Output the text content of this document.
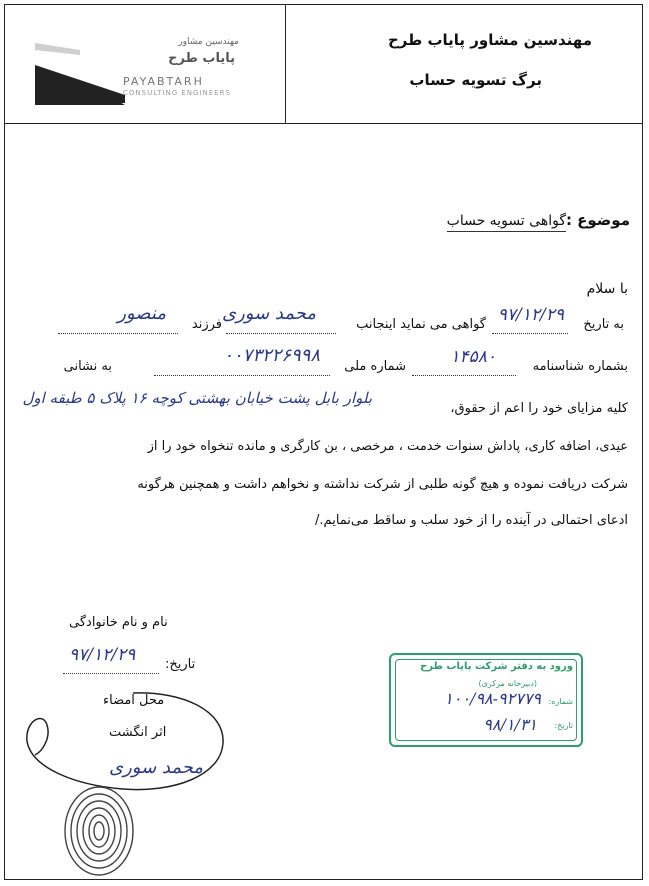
مهندسین مشاور
پایاب طرح
PAYABTARH
CONSULTING ENGINEERS
مهندسین مشاور پایاب طرح
برگ تسویه حساب
موضوع :
گواهی تسویه حساب
با سلام
به تاریخ
۹۷/۱۲/۲۹
گواهی می نماید اینجانب
محمد سوری
فرزند
منصور
بشماره شناسنامه
۱۴۵۸۰
شماره ملی
۰۰۷۳۲۲۶۹۹۸
به نشانی
بلوار بابل پشت خیابان بهشتی کوچه ۱۶ پلاک ۵ طبقه اول
کلیه مزایای خود را اعم از حقوق،
عیدی، اضافه کاری، پاداش سنوات خدمت ، مرخصی ، بن کارگری و مانده تنخواه خود را از
شرکت دریافت نموده و هیچ گونه طلبی از شرکت نداشته و نخواهم داشت و همچنین هرگونه
ادعای احتمالی در آینده را از خود سلب و ساقط می‌نمایم./
نام و نام خانوادگی
تاریخ:
۹۷/۱۲/۲۹
محل امضاء
اثر انگشت
محمد سوری
ورود به دفتر شرکت پایاب طرح
(دبیرخانه مرکزی)
شماره:
۱۰۰/۹۸-۹۲۷۷۹
تاریخ:
۹۸/۱/۳۱
